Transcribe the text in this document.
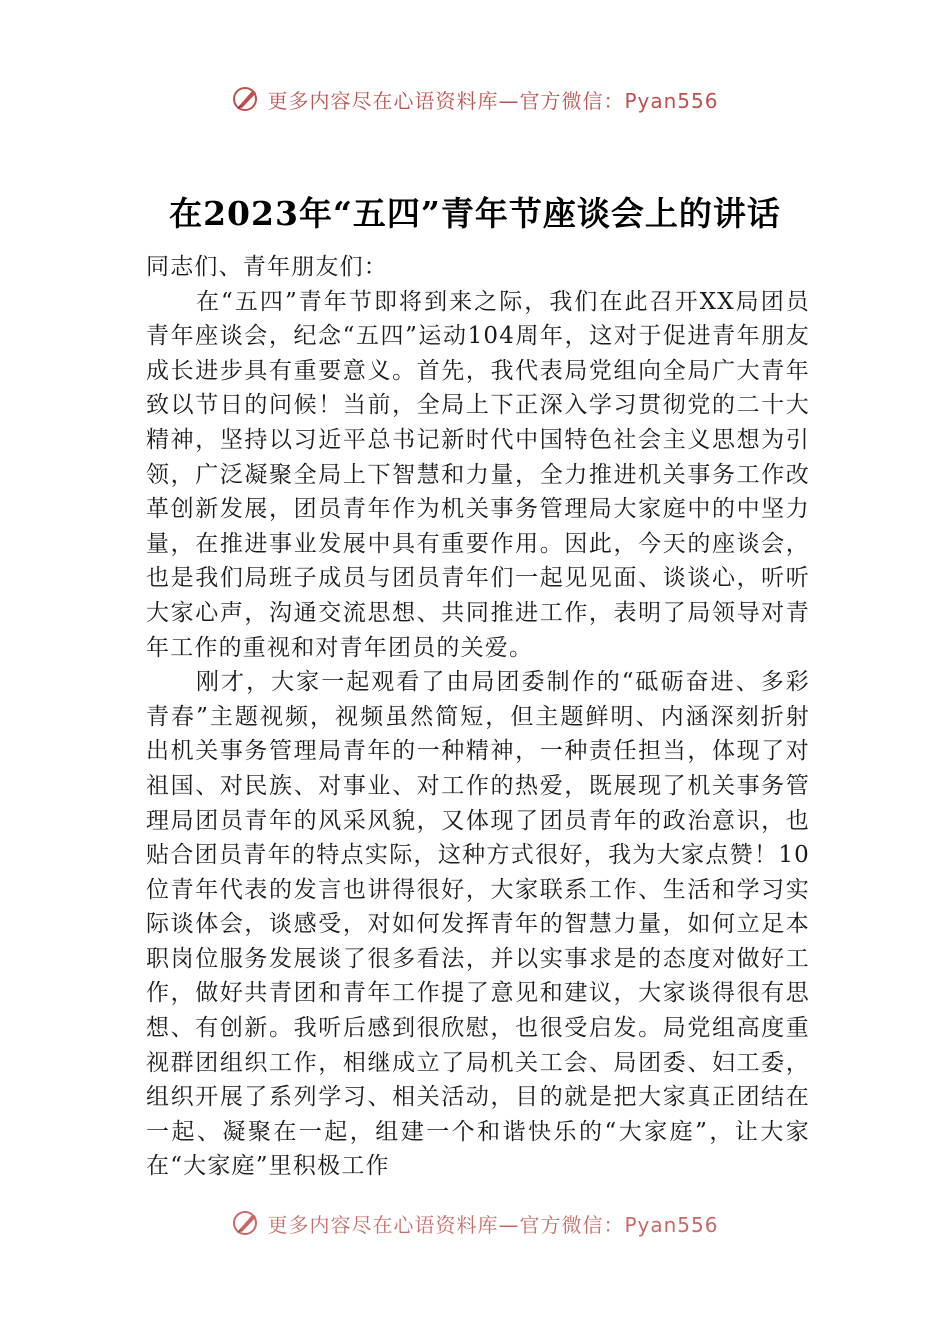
更多内容尽在心语资料库—官方微信：Pyan556
在2023年“五四”青年节座谈会上的讲话

同志们、青年朋友们：

在“五四”青年节即将到来之际，我们在此召开XX局团员青年座谈会，纪念“五四”运动104周年，这对于促进青年朋友成长进步具有重要意义。首先，我代表局党组向全局广大青年致以节日的问候！当前，全局上下正深入学习贯彻党的二十大精神，坚持以习近平总书记新时代中国特色社会主义思想为引领，广泛凝聚全局上下智慧和力量，全力推进机关事务工作改革创新发展，团员青年作为机关事务管理局大家庭中的中坚力量，在推进事业发展中具有重要作用。因此，今天的座谈会，也是我们局班子成员与团员青年们一起见见面、谈谈心，听听大家心声，沟通交流思想、共同推进工作，表明了局领导对青年工作的重视和对青年团员的关爱。

刚才，大家一起观看了由局团委制作的“砥砺奋进、多彩青春”主题视频，视频虽然简短，但主题鲜明、内涵深刻折射出机关事务管理局青年的一种精神，一种责任担当，体现了对祖国、对民族、对事业、对工作的热爱，既展现了机关事务管理局团员青年的风采风貌，又体现了团员青年的政治意识，也贴合团员青年的特点实际，这种方式很好，我为大家点赞！10位青年代表的发言也讲得很好，大家联系工作、生活和学习实际谈体会，谈感受，对如何发挥青年的智慧力量，如何立足本职岗位服务发展谈了很多看法，并以实事求是的态度对做好工作，做好共青团和青年工作提了意见和建议，大家谈得很有思想、有创新。我听后感到很欣慰，也很受启发。局党组高度重视群团组织工作，相继成立了局机关工会、局团委、妇工委，组织开展了系列学习、相关活动，目的就是把大家真正团结在一起、凝聚在一起，组建一个和谐快乐的“大家庭”，让大家在“大家庭”里积极工作

更多内容尽在心语资料库—官方微信：Pyan556
